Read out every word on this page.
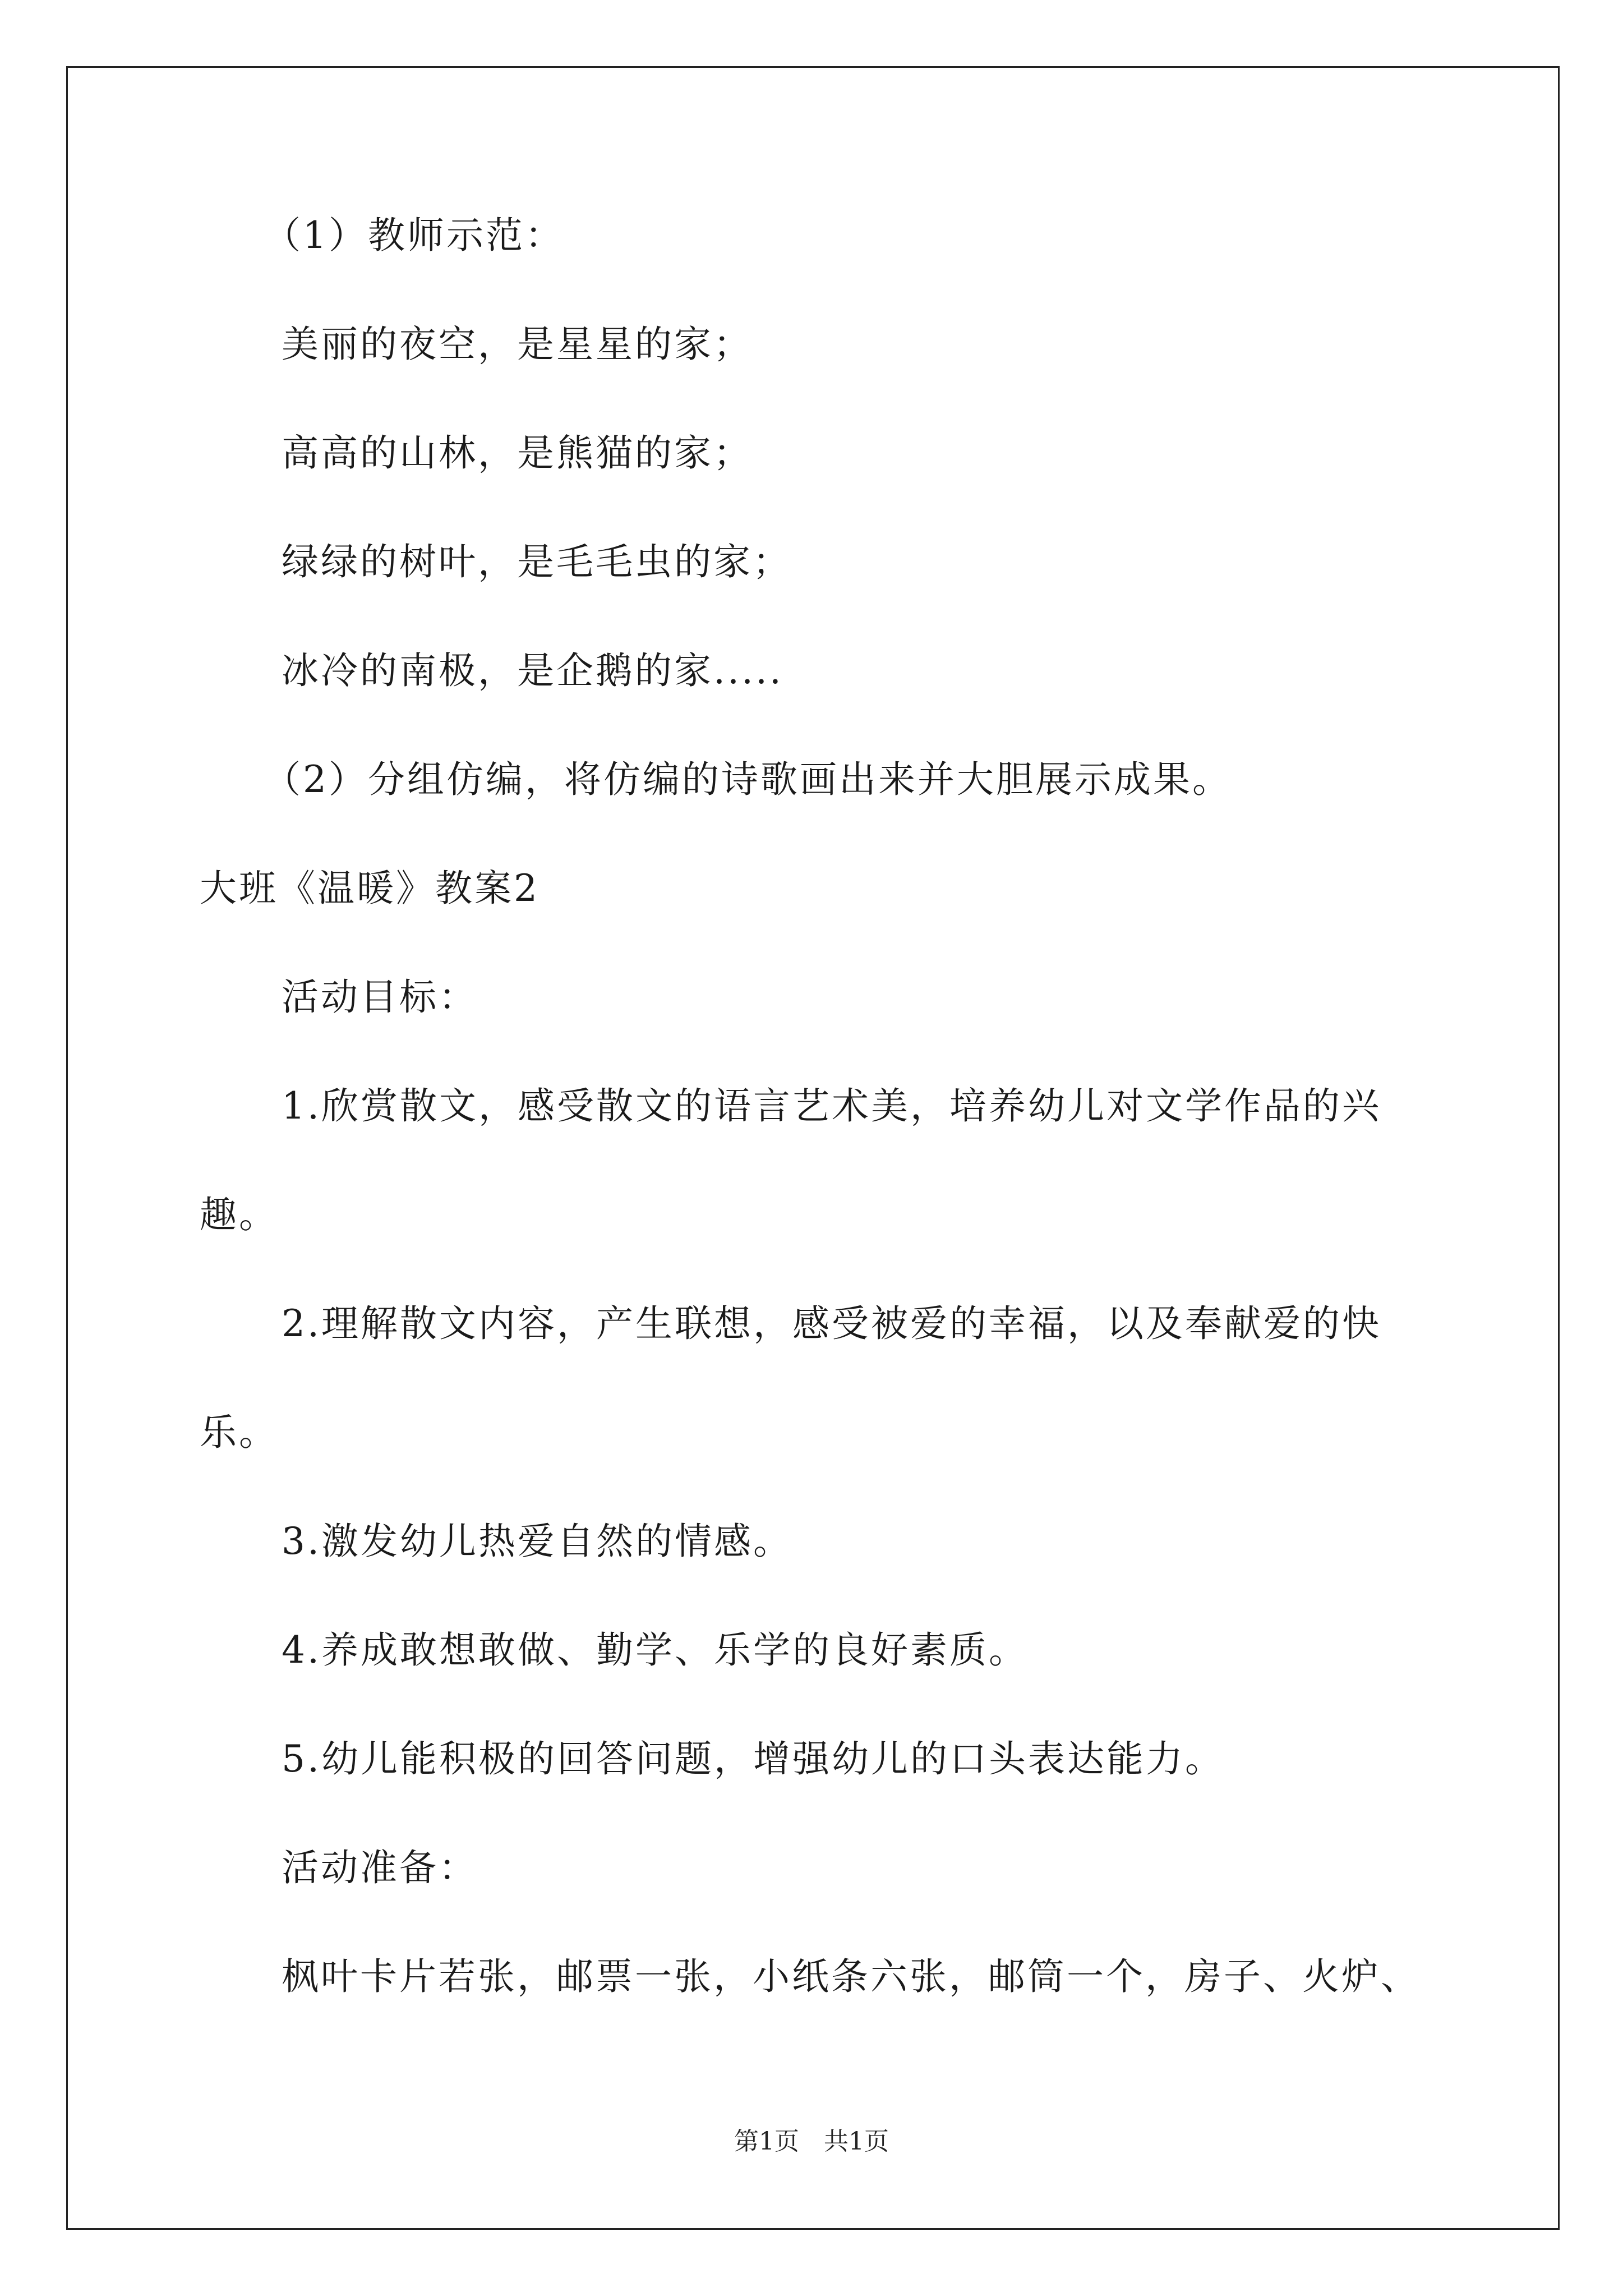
（1）教师示范：
美丽的夜空，是星星的家；
高高的山林，是熊猫的家；
绿绿的树叶，是毛毛虫的家；
冰冷的南极，是企鹅的家.....
（2）分组仿编，将仿编的诗歌画出来并大胆展示成果。
大班《温暖》教案2
活动目标：
1.欣赏散文，感受散文的语言艺术美，培养幼儿对文学作品的兴
趣。
2.理解散文内容，产生联想，感受被爱的幸福，以及奉献爱的快
乐。
3.激发幼儿热爱自然的情感。
4.养成敢想敢做、勤学、乐学的良好素质。
5.幼儿能积极的回答问题，增强幼儿的口头表达能力。
活动准备：
枫叶卡片若张，邮票一张，小纸条六张，邮筒一个，房子、火炉、
第1页　共1页
